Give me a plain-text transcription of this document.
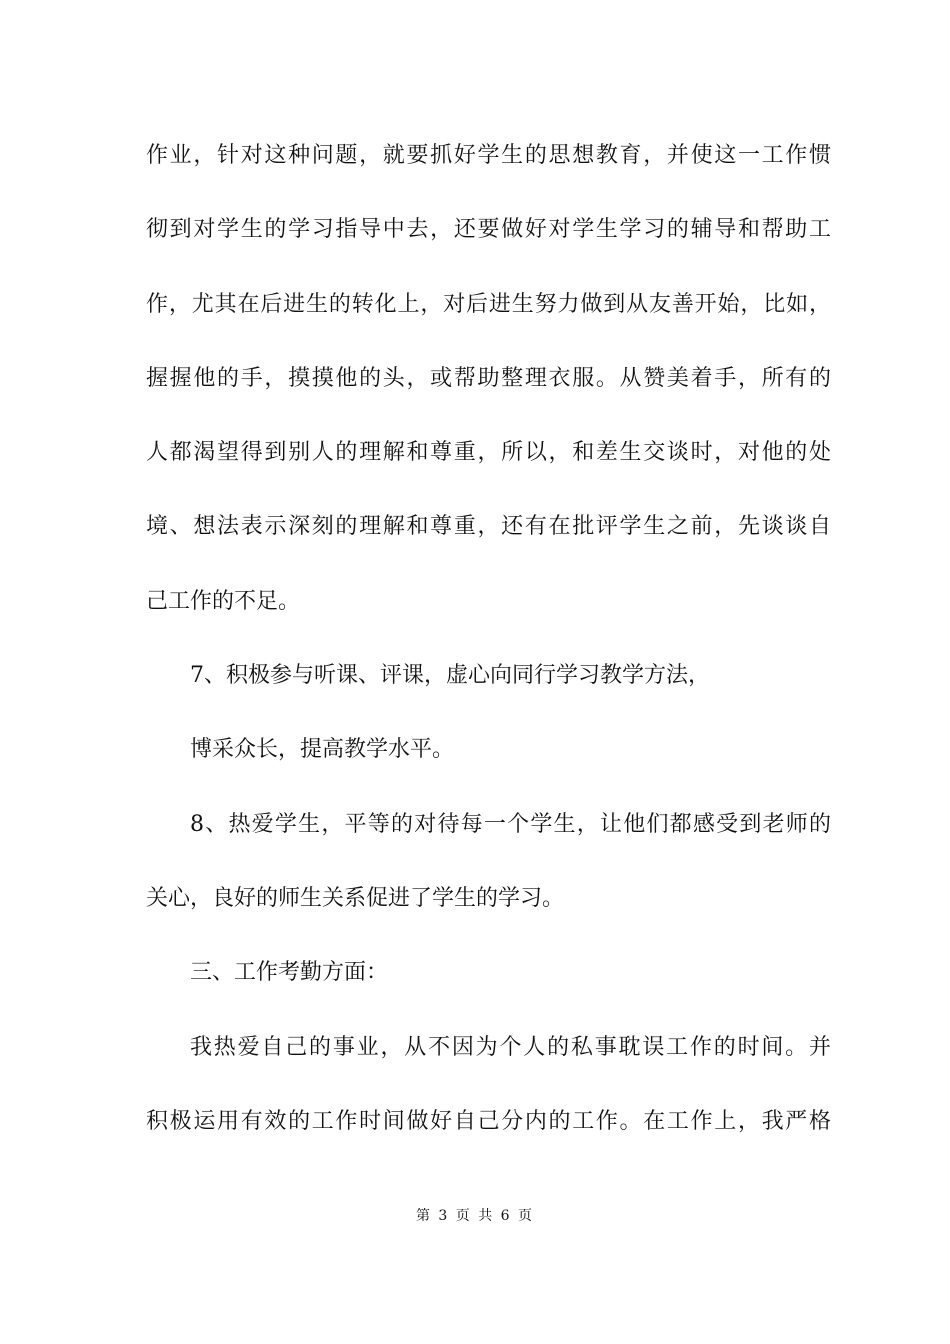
作业，针对这种问题，就要抓好学生的思想教育，并使这一工作惯
彻到对学生的学习指导中去，还要做好对学生学习的辅导和帮助工
作，尤其在后进生的转化上，对后进生努力做到从友善开始，比如，
握握他的手，摸摸他的头，或帮助整理衣服。从赞美着手，所有的
人都渴望得到别人的理解和尊重，所以，和差生交谈时，对他的处
境、想法表示深刻的理解和尊重，还有在批评学生之前，先谈谈自
己工作的不足。
7、积极参与听课、评课，虚心向同行学习教学方法，
博采众长，提高教学水平。
8、热爱学生，平等的对待每一个学生，让他们都感受到老师的
关心，良好的师生关系促进了学生的学习。
三、工作考勤方面：
我热爱自己的事业，从不因为个人的私事耽误工作的时间。并
积极运用有效的工作时间做好自己分内的工作。在工作上，我严格
第 3 页 共 6 页
